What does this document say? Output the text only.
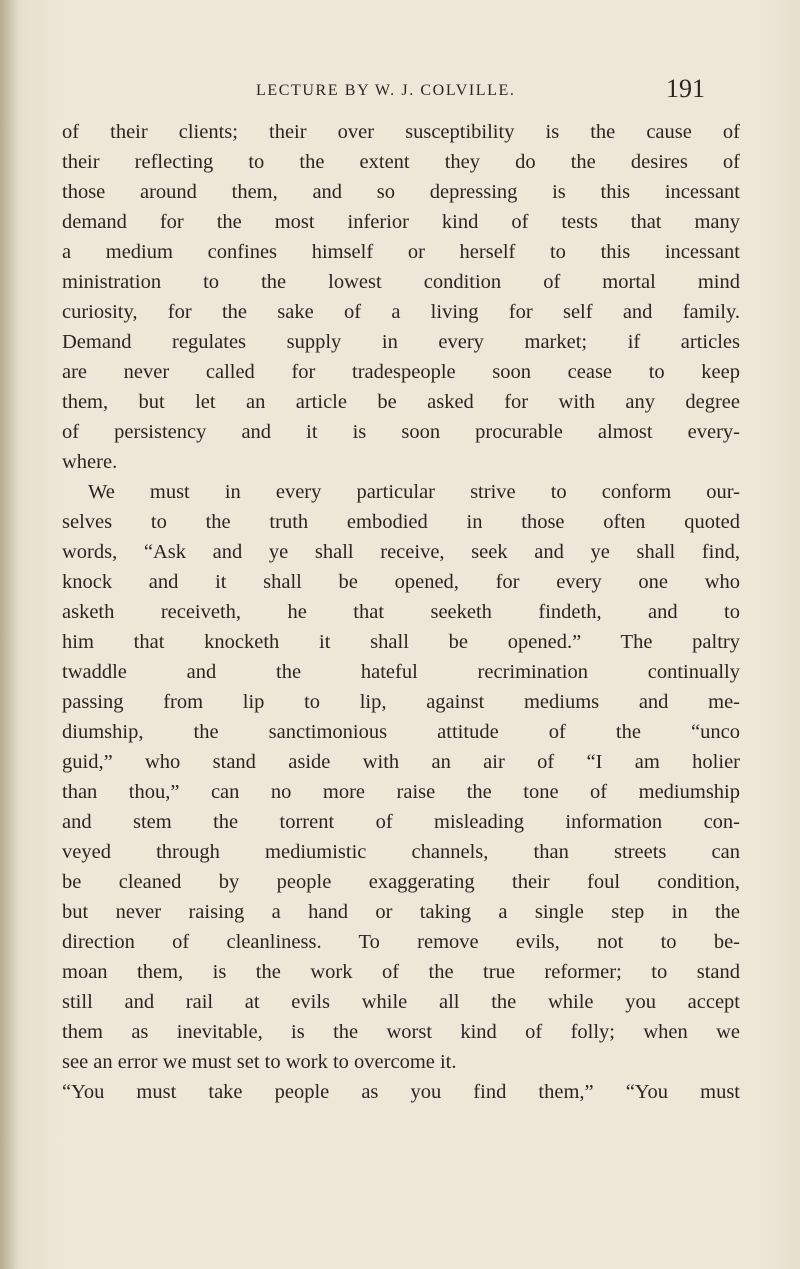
LECTURE BY W. J. COLVILLE.	191
of their clients; their over susceptibility is the cause of
their reflecting to the extent they do the desires of
those around them, and so depressing is this incessant
demand for the most inferior kind of tests that many
a medium confines himself or herself to this incessant
ministration to the lowest condition of mortal mind
curiosity, for the sake of a living for self and family.
Demand regulates supply in every market; if articles
are never called for tradespeople soon cease to keep
them, but let an article be asked for with any degree
of persistency and it is soon procurable almost every-
where.
We must in every particular strive to conform our-
selves to the truth embodied in those often quoted
words, “Ask and ye shall receive, seek and ye shall find,
knock and it shall be opened, for every one who
asketh receiveth, he that seeketh findeth, and to
him that knocketh it shall be opened.” The paltry
twaddle and the hateful recrimination continually
passing from lip to lip, against mediums and me-
diumship, the sanctimonious attitude of the “unco
guid,” who stand aside with an air of “I am holier
than thou,” can no more raise the tone of mediumship
and stem the torrent of misleading information con-
veyed through mediumistic channels, than streets can
be cleaned by people exaggerating their foul condition,
but never raising a hand or taking a single step in the
direction of cleanliness. To remove evils, not to be-
moan them, is the work of the true reformer; to stand
still and rail at evils while all the while you accept
them as inevitable, is the worst kind of folly; when we
see an error we must set to work to overcome it.
“You must take people as you find them,” “You must
